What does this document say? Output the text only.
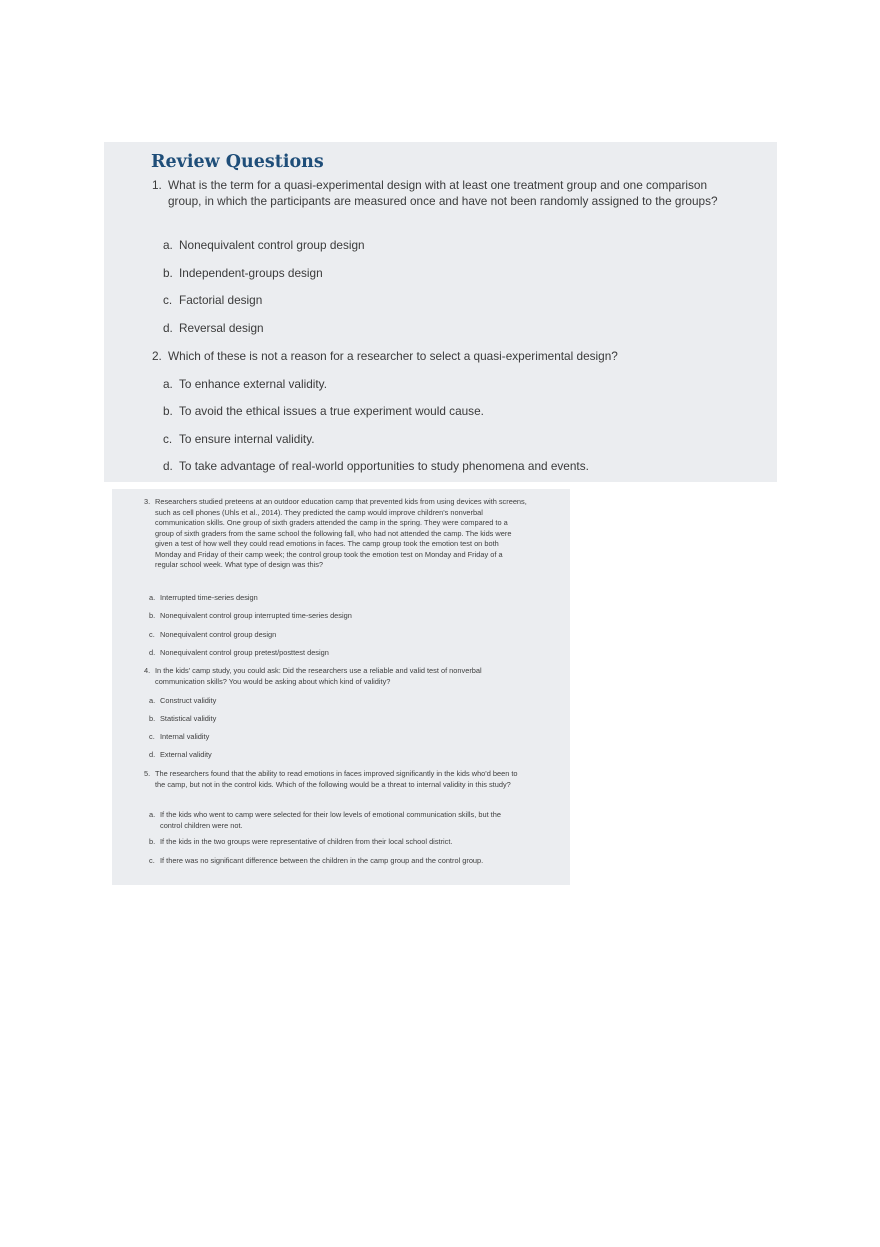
Review Questions
1. What is the term for a quasi-experimental design with at least one treatment group and one comparison group, in which the participants are measured once and have not been randomly assigned to the groups?
a. Nonequivalent control group design
b. Independent-groups design
c. Factorial design
d. Reversal design
2. Which of these is not a reason for a researcher to select a quasi-experimental design?
a. To enhance external validity.
b. To avoid the ethical issues a true experiment would cause.
c. To ensure internal validity.
d. To take advantage of real-world opportunities to study phenomena and events.
3. Researchers studied preteens at an outdoor education camp that prevented kids from using devices with screens, such as cell phones (Uhls et al., 2014). They predicted the camp would improve children's nonverbal communication skills. One group of sixth graders attended the camp in the spring. They were compared to a group of sixth graders from the same school the following fall, who had not attended the camp. The kids were given a test of how well they could read emotions in faces. The camp group took the emotion test on both Monday and Friday of their camp week; the control group took the emotion test on Monday and Friday of a regular school week. What type of design was this?
a. Interrupted time-series design
b. Nonequivalent control group interrupted time-series design
c. Nonequivalent control group design
d. Nonequivalent control group pretest/posttest design
4. In the kids' camp study, you could ask: Did the researchers use a reliable and valid test of nonverbal communication skills? You would be asking about which kind of validity?
a. Construct validity
b. Statistical validity
c. Internal validity
d. External validity
5. The researchers found that the ability to read emotions in faces improved significantly in the kids who'd been to the camp, but not in the control kids. Which of the following would be a threat to internal validity in this study?
a. If the kids who went to camp were selected for their low levels of emotional communication skills, but the control children were not.
b. If the kids in the two groups were representative of children from their local school district.
c. If there was no significant difference between the children in the camp group and the control group.
